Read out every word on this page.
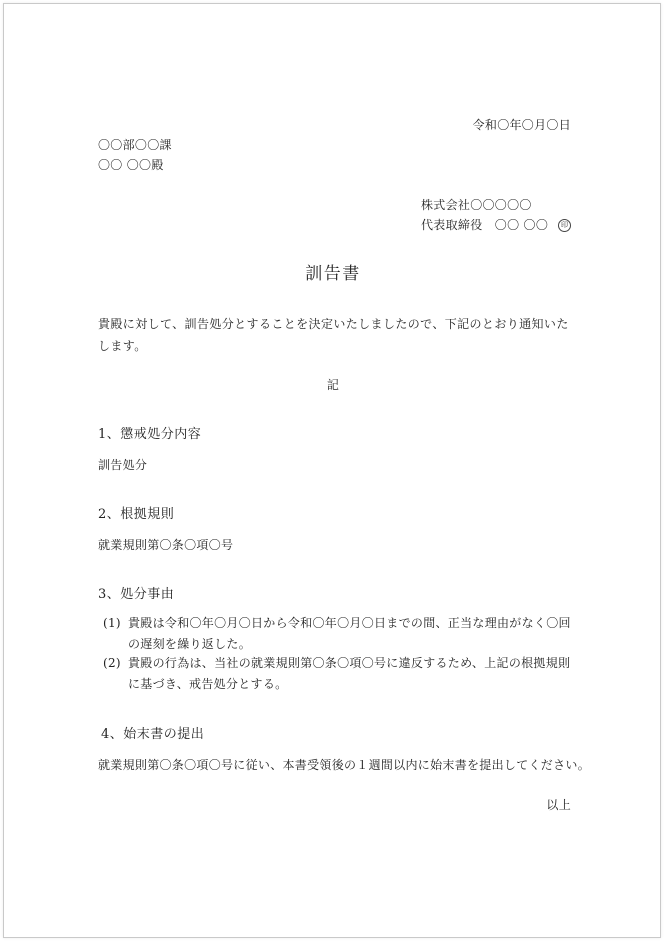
令和〇年〇月〇日
〇〇部〇〇課
〇〇 〇〇殿
株式会社〇〇〇〇〇
代表取締役　〇〇 〇〇	印
訓告書
貴殿に対して、訓告処分とすることを決定いたしましたので、下記のとおり通知いたします。
記
1、懲戒処分内容
訓告処分
2、根拠規則
就業規則第〇条〇項〇号
3、処分事由
(1) 貴殿は令和〇年〇月〇日から令和〇年〇月〇日までの間、正当な理由がなく〇回の遅刻を繰り返した。
(2) 貴殿の行為は、当社の就業規則第〇条〇項〇号に違反するため、上記の根拠規則に基づき、戒告処分とする。
4、始末書の提出
就業規則第〇条〇項〇号に従い、本書受領後の１週間以内に始末書を提出してください。
以上
